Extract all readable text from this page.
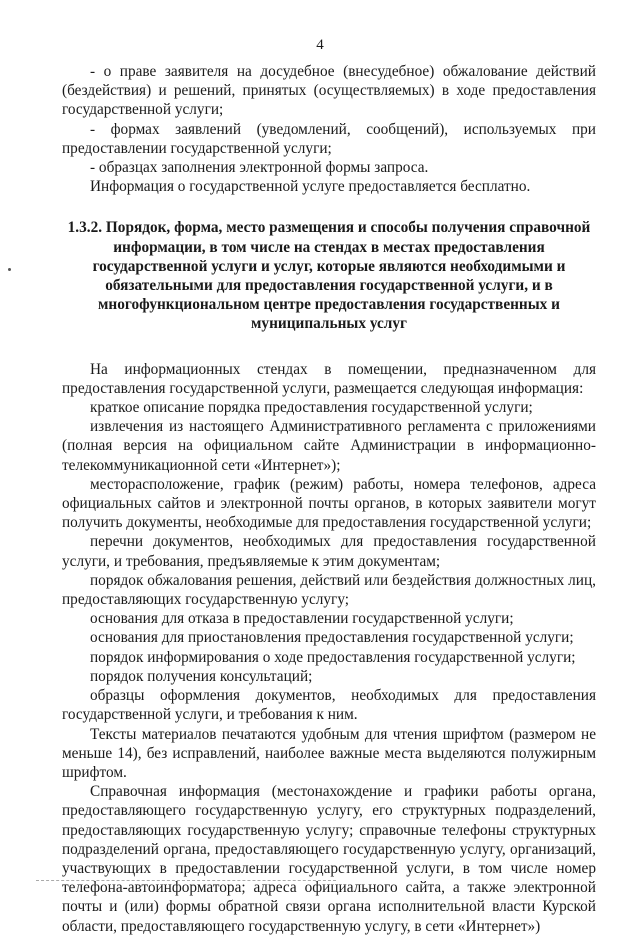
4

- о праве заявителя на досудебное (внесудебное) обжалование действий (бездействия) и решений, принятых (осуществляемых) в ходе предоставления государственной услуги;

- формах заявлений (уведомлений, сообщений), используемых при предоставлении государственной услуги;

- образцах заполнения электронной формы запроса.

Информация о государственной услуге предоставляется бесплатно.

1.3.2. Порядок, форма, место размещения и способы получения справочной информации, в том числе на стендах в местах предоставления государственной услуги и услуг, которые являются необходимыми и обязательными для предоставления государственной услуги, и в многофункциональном центре предоставления государственных и муниципальных услуг

На информационных стендах в помещении, предназначенном для предоставления государственной услуги, размещается следующая информация:

краткое описание порядка предоставления государственной услуги;

извлечения из настоящего Административного регламента с приложениями (полная версия на официальном сайте Администрации в информационно-телекоммуникационной сети «Интернет»);

месторасположение, график (режим) работы, номера телефонов, адреса официальных сайтов и электронной почты органов, в которых заявители могут получить документы, необходимые для предоставления государственной услуги;

перечни документов, необходимых для предоставления государственной услуги, и требования, предъявляемые к этим документам;

порядок обжалования решения, действий или бездействия должностных лиц, предоставляющих государственную услугу;

основания для отказа в предоставлении государственной услуги;

основания для приостановления предоставления государственной услуги;

порядок информирования о ходе предоставления государственной услуги;

порядок получения консультаций;

образцы оформления документов, необходимых для предоставления государственной услуги, и требования к ним.

Тексты материалов печатаются удобным для чтения шрифтом (размером не меньше 14), без исправлений, наиболее важные места выделяются полужирным шрифтом.

Справочная информация (местонахождение и графики работы органа, предоставляющего государственную услугу, его структурных подразделений, предоставляющих государственную услугу; справочные телефоны структурных подразделений органа, предоставляющего государственную услугу, организаций, участвующих в предоставлении государственной услуги, в том числе номер телефона-автоинформатора; адреса официального сайта, а также электронной почты и (или) формы обратной связи органа исполнительной власти Курской области, предоставляющего государственную услугу, в сети «Интернет»)
